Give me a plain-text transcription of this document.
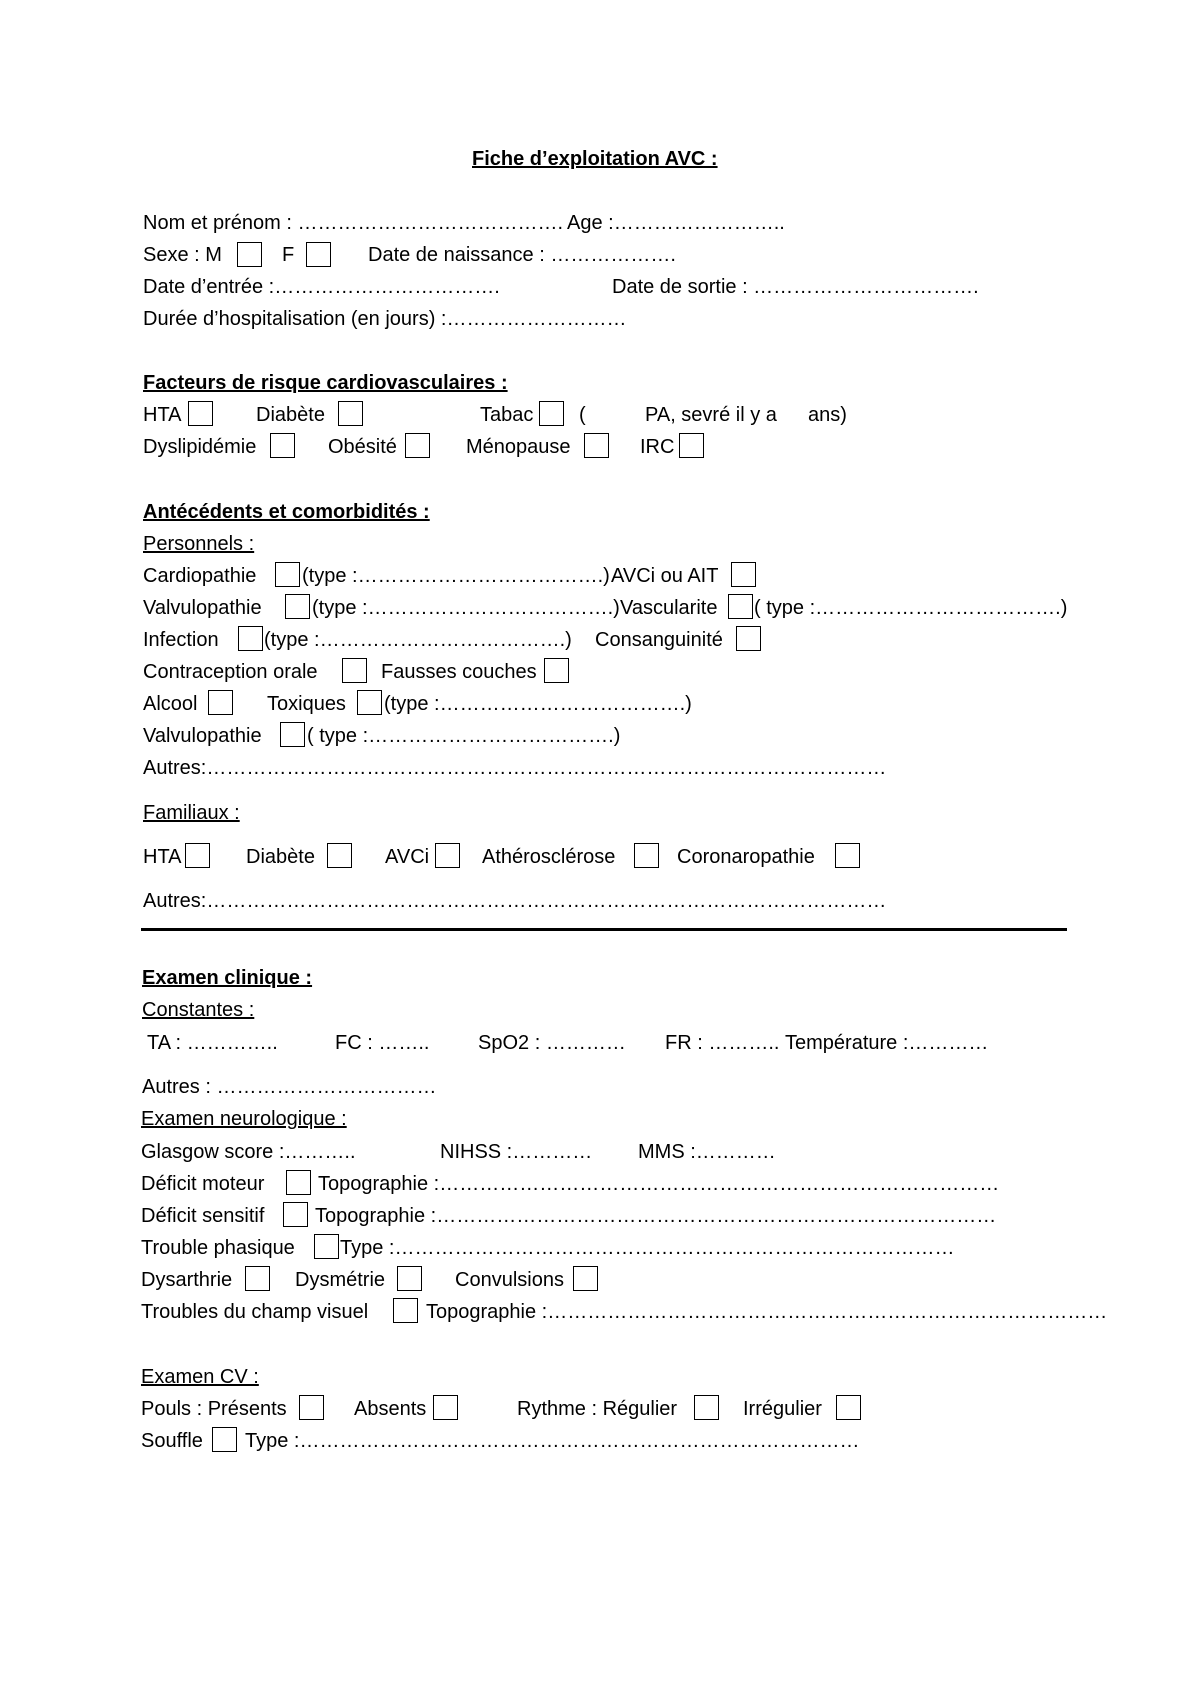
Fiche d’exploitation AVC :
Nom et prénom : …………………………………. Age :……………………..
Sexe : M	F	Date de naissance : ……………….
Date d’entrée :…………………………….	Date de sortie : …………………………….
Durée d’hospitalisation (en jours) :………………………
Facteurs de risque cardiovasculaires :
HTA	Diabète	Tabac (	PA, sevré il y a ans)
Dyslipidémie	Obésité	Ménopause	IRC
Antécédents et comorbidités :
Personnels :
Cardiopathie (type :……………………………….) AVCi ou AIT
Valvulopathie	(type :……………………………….) Vascularite ( type :……………………………….)
Infection (type :……………………………….) Consanguinité
Contraception orale	Fausses couches
Alcool	Toxiques (type :……………………………….)
Valvulopathie ( type :……………………………….)
Autres:…………………………………………………………………………………………
Familiaux :
HTA	Diabète	AVCi	Athérosclérose	Coronaropathie
Autres:…………………………………………………………………………………………
Examen clinique :
Constantes :
TA : …………..	FC : …….. SpO2 : ………… FR : ……….. Température :…………
Autres : ……………………………
Examen neurologique :
Glasgow score :………..	NIHSS :………… MMS :…………
Déficit moteur	Topographie :…………………………………………………………………………
Déficit sensitif	Topographie :…………………………………………………………………………
Trouble phasique Type :…………………………………………………………………………
Dysarthrie	Dysmétrie	Convulsions
Troubles du champ visuel	Topographie :…………………………………………………………………………
Examen CV :
Pouls : Présents	Absents	Rythme : Régulier	Irrégulier
Souffle Type :…………………………………………………………………………
